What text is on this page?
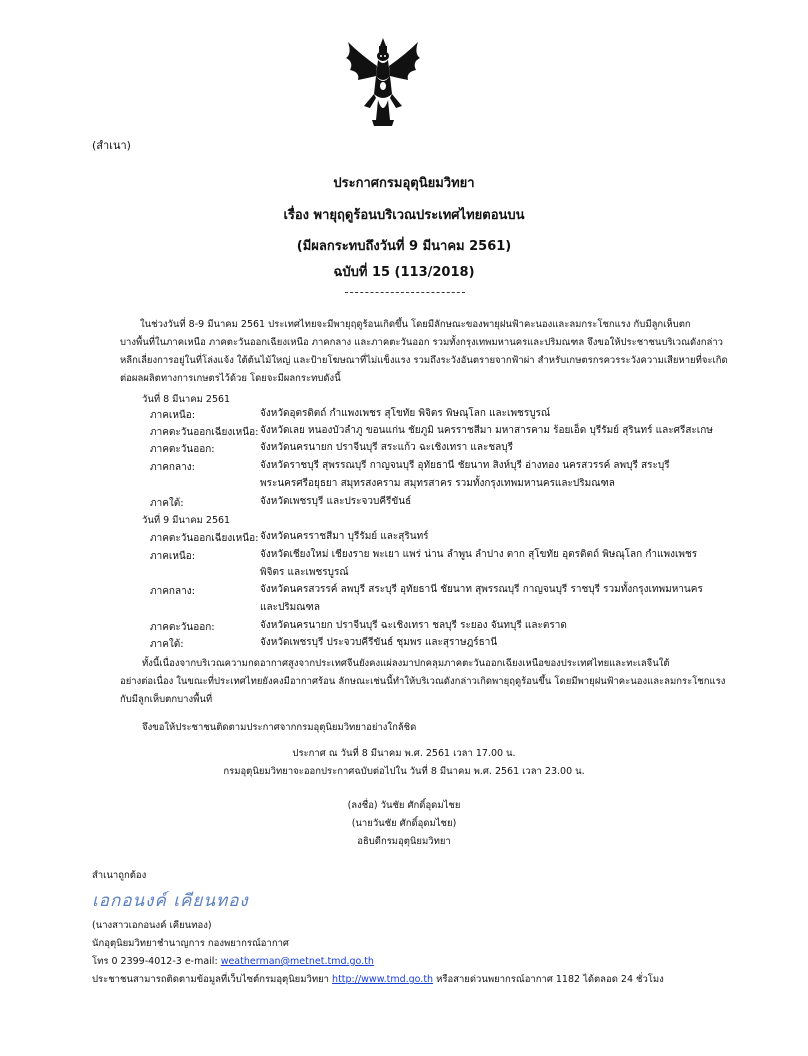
(สำเนา)
ประกาศกรมอุตุนิยมวิทยา
เรื่อง พายุฤดูร้อนบริเวณประเทศไทยตอนบน
(มีผลกระทบถึงวันที่ 9 มีนาคม 2561)
ฉบับที่ 15 (113/2018)
ในช่วงวันที่ 8-9 มีนาคม 2561 ประเทศไทยจะมีพายุฤดูร้อนเกิดขึ้น โดยมีลักษณะของพายุฝนฟ้าคะนองและลมกระโชกแรง กับมีลูกเห็บตก
บางพื้นที่ในภาคเหนือ ภาคตะวันออกเฉียงเหนือ ภาคกลาง และภาคตะวันออก รวมทั้งกรุงเทพมหานครและปริมณฑล จึงขอให้ประชาชนบริเวณดังกล่าว
หลีกเลี่ยงการอยู่ในที่โล่งแจ้ง ใต้ต้นไม้ใหญ่ และป้ายโฆษณาที่ไม่แข็งแรง รวมถึงระวังอันตรายจากฟ้าผ่า สำหรับเกษตรกรควรระวังความเสียหายที่จะเกิด
ต่อผลผลิตทางการเกษตรไว้ด้วย โดยจะมีผลกระทบดังนี้
วันที่ 8 มีนาคม 2561
ภาคเหนือ:	จังหวัดอุตรดิตถ์ กำแพงเพชร สุโขทัย พิจิตร พิษณุโลก และเพชรบูรณ์
ภาคตะวันออกเฉียงเหนือ: จังหวัดเลย หนองบัวลำภู ขอนแก่น ชัยภูมิ นครราชสีมา มหาสารคาม ร้อยเอ็ด บุรีรัมย์ สุรินทร์ และศรีสะเกษ
ภาคตะวันออก:	จังหวัดนครนายก ปราจีนบุรี สระแก้ว ฉะเชิงเทรา และชลบุรี
ภาคกลาง:	จังหวัดราชบุรี สุพรรณบุรี กาญจนบุรี อุทัยธานี ชัยนาท สิงห์บุรี อ่างทอง นครสวรรค์ ลพบุรี สระบุรี
พระนครศรีอยุธยา สมุทรสงคราม สมุทรสาคร รวมทั้งกรุงเทพมหานครและปริมณฑล
ภาคใต้:	จังหวัดเพชรบุรี และประจวบคีรีขันธ์
วันที่ 9 มีนาคม 2561
ภาคตะวันออกเฉียงเหนือ: จังหวัดนครราชสีมา บุรีรัมย์ และสุรินทร์
ภาคเหนือ:	จังหวัดเชียงใหม่ เชียงราย พะเยา แพร่ น่าน ลำพูน ลำปาง ตาก สุโขทัย อุตรดิตถ์ พิษณุโลก กำแพงเพชร
พิจิตร และเพชรบูรณ์
ภาคกลาง:	จังหวัดนครสวรรค์ ลพบุรี สระบุรี อุทัยธานี ชัยนาท สุพรรณบุรี กาญจนบุรี ราชบุรี รวมทั้งกรุงเทพมหานคร
และปริมณฑล
ภาคตะวันออก:	จังหวัดนครนายก ปราจีนบุรี ฉะเชิงเทรา ชลบุรี ระยอง จันทบุรี และตราด
ภาคใต้:	จังหวัดเพชรบุรี ประจวบคีรีขันธ์ ชุมพร และสุราษฎร์ธานี
ทั้งนี้เนื่องจากบริเวณความกดอากาศสูงจากประเทศจีนยังคงแผ่ลงมาปกคลุมภาคตะวันออกเฉียงเหนือของประเทศไทยและทะเลจีนใต้
อย่างต่อเนื่อง ในขณะที่ประเทศไทยยังคงมีอากาศร้อน ลักษณะเช่นนี้ทำให้บริเวณดังกล่าวเกิดพายุฤดูร้อนขึ้น โดยมีพายุฝนฟ้าคะนองและลมกระโชกแรง
กับมีลูกเห็บตกบางพื้นที่
จึงขอให้ประชาชนติดตามประกาศจากกรมอุตุนิยมวิทยาอย่างใกล้ชิด
ประกาศ ณ วันที่ 8 มีนาคม พ.ศ. 2561 เวลา 17.00 น.
กรมอุตุนิยมวิทยาจะออกประกาศฉบับต่อไปใน วันที่ 8 มีนาคม พ.ศ. 2561 เวลา 23.00 น.
(ลงชื่อ) วันชัย ศักดิ์อุดมไชย
(นายวันชัย ศักดิ์อุดมไชย)
อธิบดีกรมอุตุนิยมวิทยา
สำเนาถูกต้อง
เอกอนงค์ เคียนทอง
(นางสาวเอกอนงค์ เคียนทอง)
นักอุตุนิยมวิทยาชำนาญการ กองพยากรณ์อากาศ
โทร 0 2399-4012-3 e-mail: weatherman@metnet.tmd.go.th
ประชาชนสามารถติดตามข้อมูลที่เว็บไซต์กรมอุตุนิยมวิทยา http://www.tmd.go.th หรือสายด่วนพยากรณ์อากาศ 1182 ได้ตลอด 24 ชั่วโมง
